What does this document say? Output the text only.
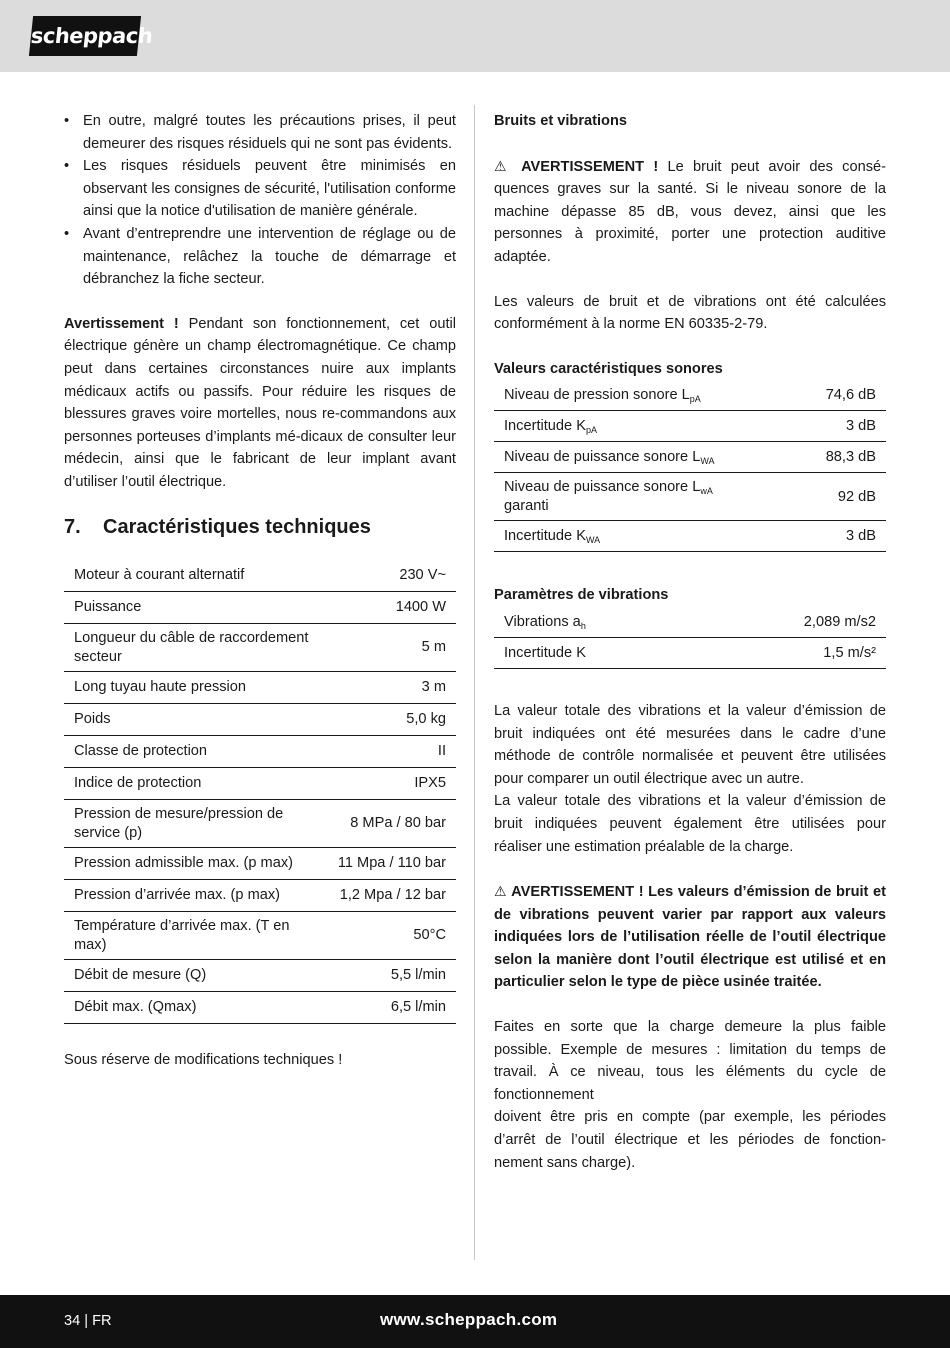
scheppach
• En outre, malgré toutes les précautions prises, il peut demeurer des risques résiduels qui ne sont pas évidents.
• Les risques résiduels peuvent être minimisés en observant les consignes de sécurité, l'utilisation conforme ainsi que la notice d'utilisation de manière générale.
• Avant d’entreprendre une intervention de réglage ou de maintenance, relâchez la touche de démarrage et débranchez la fiche secteur.

Avertissement ! Pendant son fonctionnement, cet outil électrique génère un champ électromagnétique. Ce champ peut dans certaines circonstances nuire aux implants médicaux actifs ou passifs. Pour réduire les risques de blessures graves voire mortelles, nous re-commandons aux personnes porteuses d’implants mé-dicaux de consulter leur médecin, ainsi que le fabricant de leur implant avant d’utiliser l’outil électrique.

7. Caractéristiques techniques
Moteur à courant alternatif	230 V~
Puissance	1400 W
Longueur du câble de raccordement secteur	5 m
Long tuyau haute pression	3 m
Poids	5,0 kg
Classe de protection	II
Indice de protection	IPX5
Pression de mesure/pression de service (p)	8 MPa / 80 bar
Pression admissible max. (p max)	11 Mpa / 110 bar
Pression d’arrivée max. (p max)	1,2 Mpa / 12 bar
Température d’arrivée max. (T en max)	50°C
Débit de mesure (Q)	5,5 l/min
Débit max. (Qmax)	6,5 l/min

Sous réserve de modifications techniques !

Bruits et vibrations

⚠ AVERTISSEMENT ! Le bruit peut avoir des consé-quences graves sur la santé. Si le niveau sonore de la machine dépasse 85 dB, vous devez, ainsi que les personnes à proximité, porter une protection auditive adaptée.

Les valeurs de bruit et de vibrations ont été calculées conformément à la norme EN 60335-2-79.

Valeurs caractéristiques sonores

Niveau de pression sonore $L_{pA}$	74,6 dB
Incertitude $K_{pA}$	3 dB
Niveau de puissance sonore $L_{WA}$	88,3 dB
Niveau de puissance sonore $L_{wA}$
garanti	92 dB
Incertitude $K_{WA}$	3 dB

Paramètres de vibrations

Vibrations $a_h$	2,089 m/s2
Incertitude K	1,5 m/s²

La valeur totale des vibrations et la valeur d’émission de bruit indiquées ont été mesurées dans le cadre d’une méthode de contrôle normalisée et peuvent être utilisées pour comparer un outil électrique avec un autre.

La valeur totale des vibrations et la valeur d’émission de bruit indiquées peuvent également être utilisées pour réaliser une estimation préalable de la charge.

⚠ AVERTISSEMENT ! Les valeurs d’émission de bruit et de vibrations peuvent varier par rapport aux valeurs indiquées lors de l’utilisation réelle de l’outil électrique selon la manière dont l’outil électrique est utilisé et en particulier selon le type de pièce usinée traitée.

Faites en sorte que la charge demeure la plus faible possible. Exemple de mesures : limitation du temps de travail. À ce niveau, tous les éléments du cycle de fonctionnement

doivent être pris en compte (par exemple, les périodes d’arrêt de l’outil électrique et les périodes de fonction-nement sans charge).

34 | FR	www.scheppach.com
